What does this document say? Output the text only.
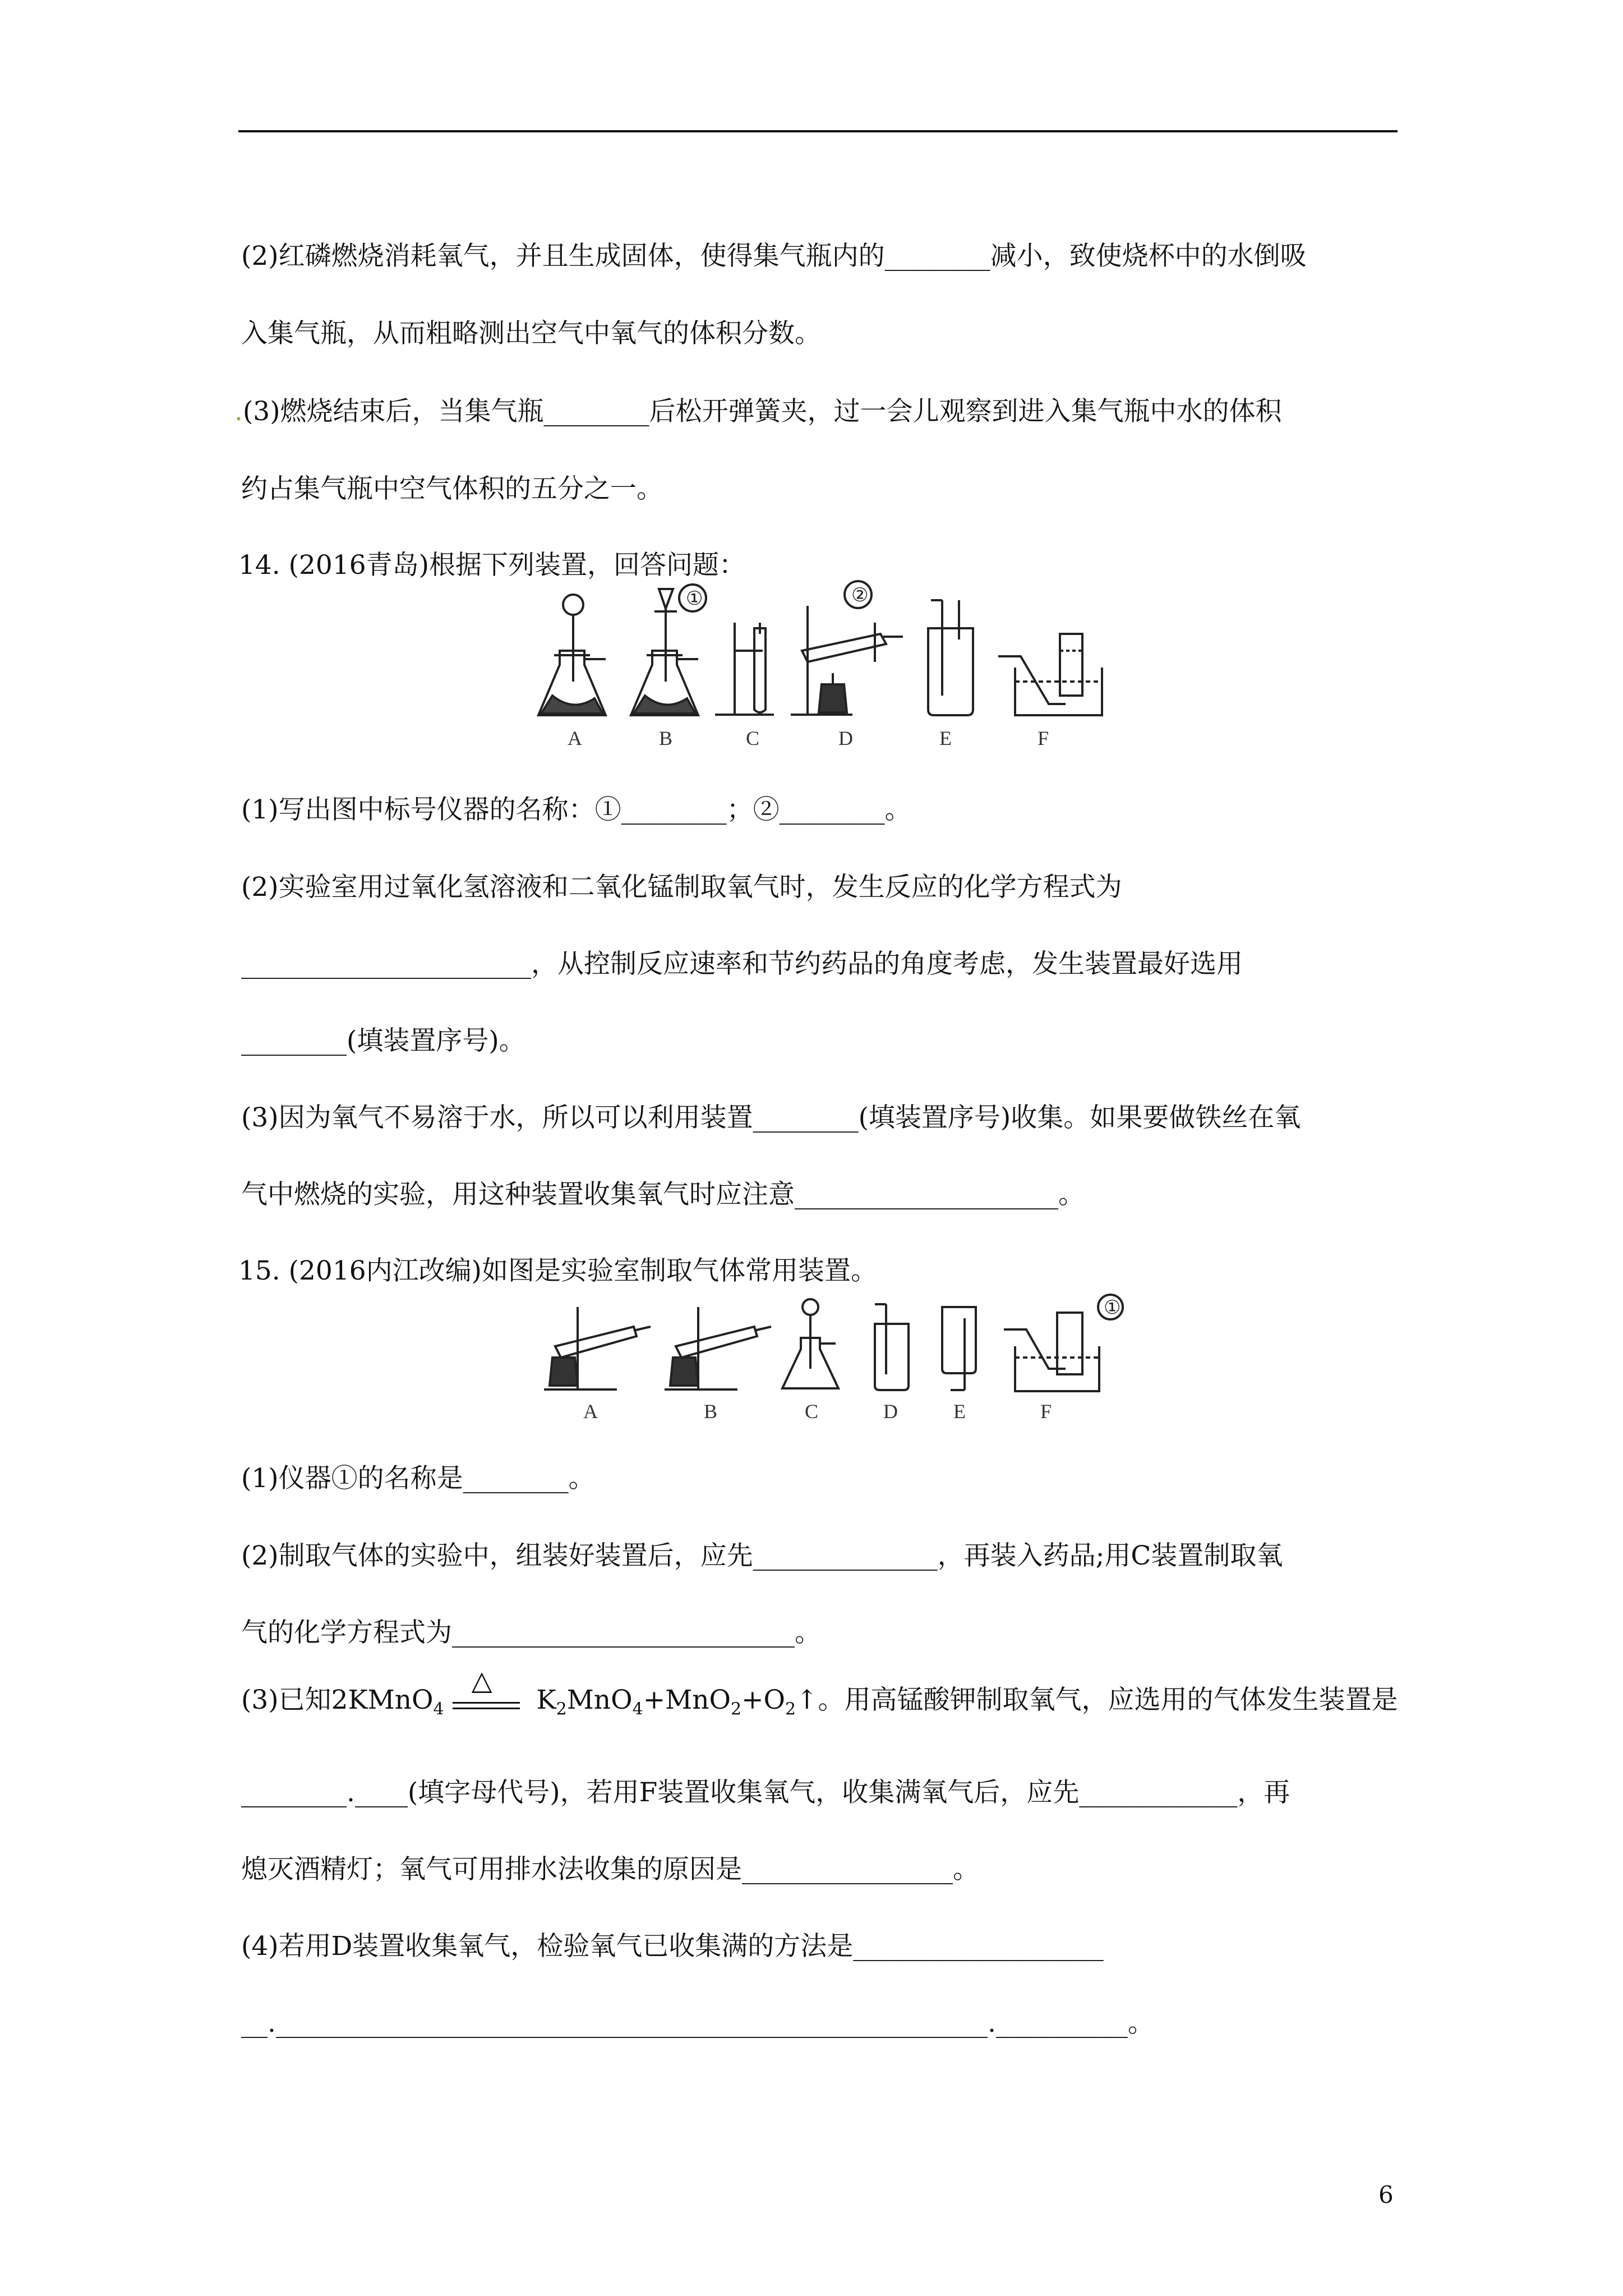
(2)红磷燃烧消耗氧气，并且生成固体，使得集气瓶内的________减小，致使烧杯中的水倒吸
入集气瓶，从而粗略测出空气中氧气的体积分数。
.(3)燃烧结束后，当集气瓶________后松开弹簧夹，过一会儿观察到进入集气瓶中水的体积
约占集气瓶中空气体积的五分之一。
14. (2016青岛)根据下列装置，回答问题：
①	②
A	B	C	D	E	F
(1)写出图中标号仪器的名称：①________；②________。
(2)实验室用过氧化氢溶液和二氧化锰制取氧气时，发生反应的化学方程式为
______________________，从控制反应速率和节约药品的角度考虑，发生装置最好选用
________(填装置序号)。
(3)因为氧气不易溶于水，所以可以利用装置________(填装置序号)收集。如果要做铁丝在氧
气中燃烧的实验，用这种装置收集氧气时应注意____________________。
15. (2016内江改编)如图是实验室制取气体常用装置。
①
A	B	C	D	E	F
(1)仪器①的名称是________。
(2)制取气体的实验中，组装好装置后，应先______________，再装入药品;用C装置制取氧
气的化学方程式为__________________________。
(3)已知2KMnO$_4$

△

$K_2MnO_4+MnO_2+O_2↑$。用高锰酸钾制取氧气，应选用的气体发生装置是
________.____(填字母代号)，若用F装置收集氧气，收集满氧气后，应先____________，再
熄灭酒精灯；氧气可用排水法收集的原因是________________。
(4)若用D装置收集氧气，检验氧气已收集满的方法是___________________
__.______________________________________________________.__________。
6
